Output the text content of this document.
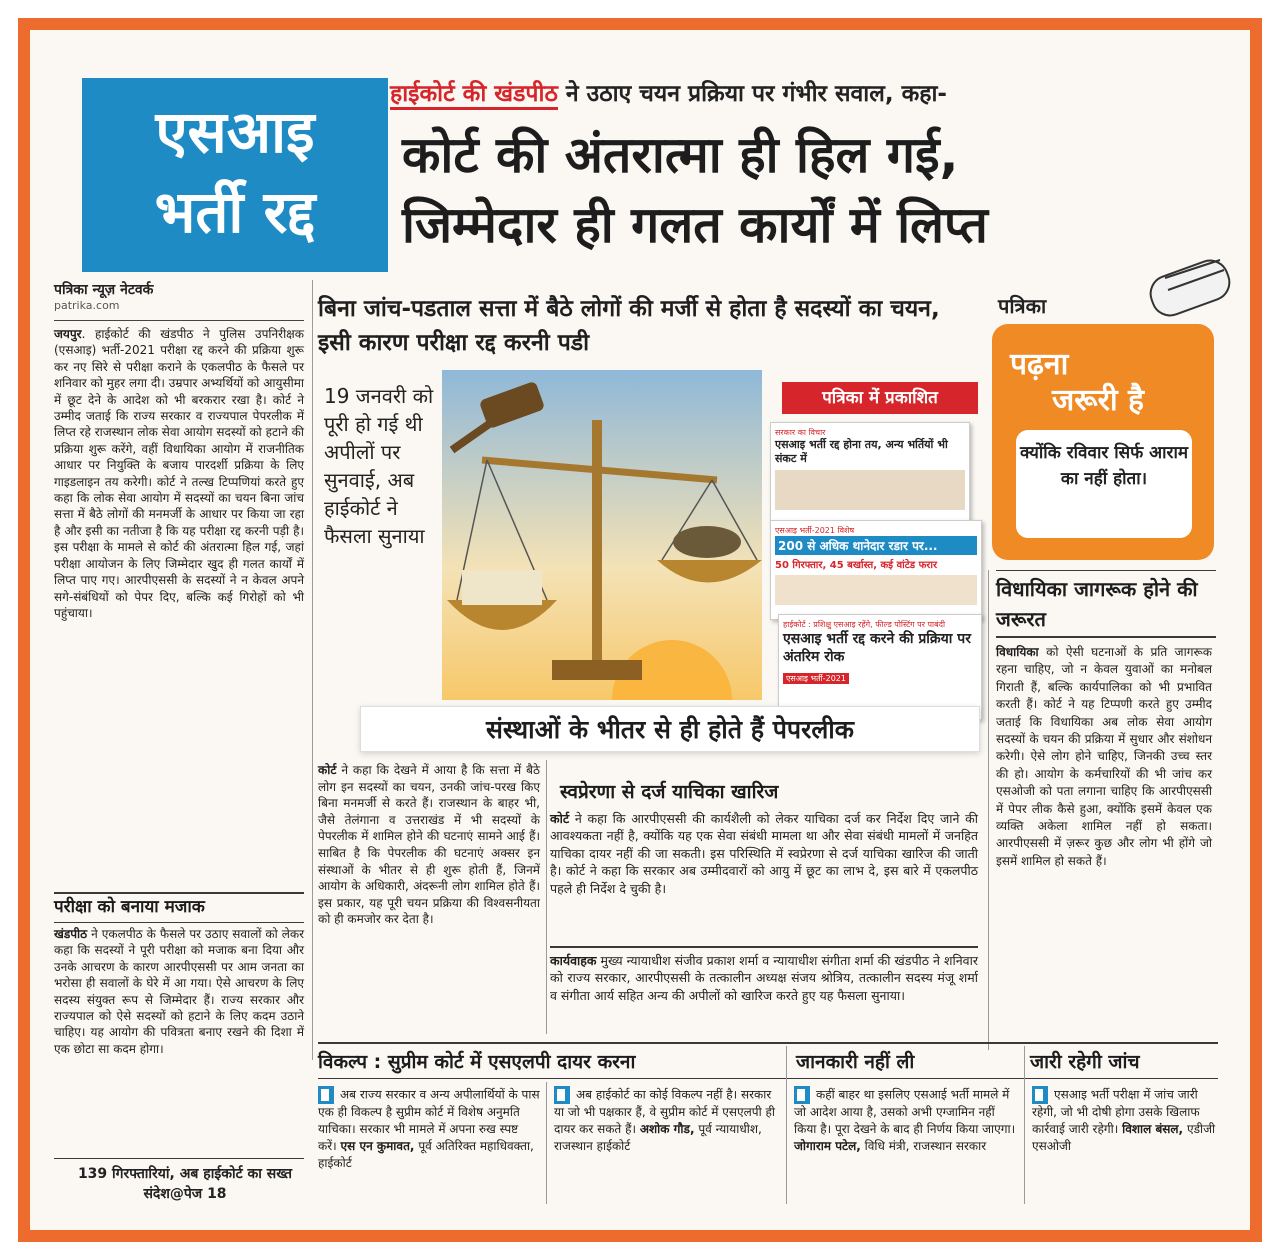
एसआइ
भर्ती रद्द
हाईकोर्ट की खंडपीठ ने उठाए चयन प्रक्रिया पर गंभीर सवाल, कहा-
कोर्ट की अंतरात्मा ही हिल गई,
जिम्मेदार ही गलत कार्यों में लिप्त
पत्रिका न्यूज़ नेटवर्क
patrika.com
जयपुर. हाईकोर्ट की खंडपीठ ने पुलिस उपनिरीक्षक (एसआइ) भर्ती-2021 परीक्षा रद्द करने की प्रक्रिया शुरू कर नए सिरे से परीक्षा कराने के एकलपीठ के फैसले पर शनिवार को मुहर लगा दी। उम्रपार अभ्यर्थियों को आयुसीमा में छूट देने के आदेश को भी बरकरार रखा है। कोर्ट ने उम्मीद जताई कि राज्य सरकार व राज्यपाल पेपरलीक में लिप्त रहे राजस्थान लोक सेवा आयोग सदस्यों को हटाने की प्रक्रिया शुरू करेंगे, वहीं विधायिका आयोग में राजनीतिक आधार पर नियुक्ति के बजाय पारदर्शी प्रक्रिया के लिए गाइडलाइन तय करेगी। कोर्ट ने तल्ख टिप्पणियां करते हुए कहा कि लोक सेवा आयोग में सदस्यों का चयन बिना जांच सत्ता में बैठे लोगों की मनमर्जी के आधार पर किया जा रहा है और इसी का नतीजा है कि यह परीक्षा रद्द करनी पड़ी है। इस परीक्षा के मामले से कोर्ट की अंतरात्मा हिल गई, जहां परीक्षा आयोजन के लिए जिम्मेदार खुद ही गलत कार्यों में लिप्त पाए गए। आरपीएससी के सदस्यों ने न केवल अपने सगे-संबंधियों को पेपर दिए, बल्कि कई गिरोहों को भी पहुंचाया।
परीक्षा को बनाया मजाक
खंडपीठ ने एकलपीठ के फैसले पर उठाए सवालों को लेकर कहा कि सदस्यों ने पूरी परीक्षा को मजाक बना दिया और उनके आचरण के कारण आरपीएससी पर आम जनता का भरोसा ही सवालों के घेरे में आ गया। ऐसे आचरण के लिए सदस्य संयुक्त रूप से जिम्मेदार हैं। राज्य सरकार और राज्यपाल को ऐसे सदस्यों को हटाने के लिए कदम उठाने चाहिए। यह आयोग की पवित्रता बनाए रखने की दिशा में एक छोटा सा कदम होगा।
139 गिरफ्तारियां, अब हाईकोर्ट का सख्त संदेश@पेज 18
बिना जांच-पडताल सत्ता में बैठे लोगों की मर्जी से होता है सदस्यों का चयन, इसी कारण परीक्षा रद्द करनी पडी
19 जनवरी को पूरी हो गई थी अपीलों पर सुनवाई, अब हाईकोर्ट ने फैसला सुनाया
पत्रिका में प्रकाशित
सरकार का विचार
एसआइ भर्ती रद्द होना तय, अन्य भर्तियों भी संकट में
एसआइ भर्ती-2021 विशेष
200 से अधिक थानेदार रडार पर...
50 गिरफ्तार, 45 बर्खास्त, कई वांटेड फरार
हाईकोर्ट : प्रशिक्षु एसआइ रहेंगे, फील्ड पोस्टिंग पर पाबंदी
एसआइ भर्ती रद्द करने की प्रक्रिया पर अंतरिम रोक
एसआइ भर्ती-2021
संस्थाओं के भीतर से ही होते हैं पेपरलीक
कोर्ट ने कहा कि देखने में आया है कि सत्ता में बैठे लोग इन सदस्यों का चयन, उनकी जांच-परख किए बिना मनमर्जी से करते हैं। राजस्थान के बाहर भी, जैसे तेलंगाना व उत्तराखंड में भी सदस्यों के पेपरलीक में शामिल होने की घटनाएं सामने आई हैं। साबित है कि पेपरलीक की घटनाएं अक्सर इन संस्थाओं के भीतर से ही शुरू होती हैं, जिनमें आयोग के अधिकारी, अंदरूनी लोग शामिल होते हैं। इस प्रकार, यह पूरी चयन प्रक्रिया की विश्वसनीयता को ही कमजोर कर देता है।
स्वप्रेरणा से दर्ज याचिका खारिज
कोर्ट ने कहा कि आरपीएससी की कार्यशैली को लेकर याचिका दर्ज कर निर्देश दिए जाने की आवश्यकता नहीं है, क्योंकि यह एक सेवा संबंधी मामला था और सेवा संबंधी मामलों में जनहित याचिका दायर नहीं की जा सकती। इस परिस्थिति में स्वप्रेरणा से दर्ज याचिका खारिज की जाती है। कोर्ट ने कहा कि सरकार अब उम्मीदवारों को आयु में छूट का लाभ दे, इस बारे में एकलपीठ पहले ही निर्देश दे चुकी है।
कार्यवाहक मुख्य न्यायाधीश संजीव प्रकाश शर्मा व न्यायाधीश संगीता शर्मा की खंडपीठ ने शनिवार को राज्य सरकार, आरपीएससी के तत्कालीन अध्यक्ष संजय श्रोत्रिय, तत्कालीन सदस्य मंजू शर्मा व संगीता आर्य सहित अन्य की अपीलों को खारिज करते हुए यह फैसला सुनाया।
पत्रिका
पढ़ना
जरूरी है
क्योंकि रविवार सिर्फ आराम का नहीं होता।
विधायिका जागरूक होने की जरूरत
विधायिका को ऐसी घटनाओं के प्रति जागरूक रहना चाहिए, जो न केवल युवाओं का मनोबल गिराती हैं, बल्कि कार्यपालिका को भी प्रभावित करती हैं। कोर्ट ने यह टिप्पणी करते हुए उम्मीद जताई कि विधायिका अब लोक सेवा आयोग सदस्यों के चयन की प्रक्रिया में सुधार और संशोधन करेगी। ऐसे लोग होने चाहिए, जिनकी उच्च स्तर की हो। आयोग के कर्मचारियों की भी जांच कर एसओजी को पता लगाना चाहिए कि आरपीएससी में पेपर लीक कैसे हुआ, क्योंकि इसमें केवल एक व्यक्ति अकेला शामिल नहीं हो सकता। आरपीएससी में ज़रूर कुछ और लोग भी होंगे जो इसमें शामिल हो सकते हैं।
विकल्प : सुप्रीम कोर्ट में एसएलपी दायर करना	जानकारी नहीं ली	जारी रहेगी जांच
अब राज्य सरकार व अन्य अपीलार्थियों के पास एक ही विकल्प है सुप्रीम कोर्ट में विशेष अनुमति याचिका। सरकार भी मामले में अपना रुख स्पष्ट करें। एस एन कुमावत, पूर्व अतिरिक्त महाधिवक्ता, हाईकोर्ट
अब हाईकोर्ट का कोई विकल्प नहीं है। सरकार या जो भी पक्षकार हैं, वे सुप्रीम कोर्ट में एसएलपी ही दायर कर सकते हैं। अशोक गौड, पूर्व न्यायाधीश, राजस्थान हाईकोर्ट
कहीं बाहर था इसलिए एसआई भर्ती मामले में जो आदेश आया है, उसको अभी एग्जामिन नहीं किया है। पूरा देखने के बाद ही निर्णय किया जाएगा। जोगाराम पटेल, विधि मंत्री, राजस्थान सरकार
एसआइ भर्ती परीक्षा में जांच जारी रहेगी, जो भी दोषी होगा उसके खिलाफ कार्रवाई जारी रहेगी। विशाल बंसल, एडीजी एसओजी
